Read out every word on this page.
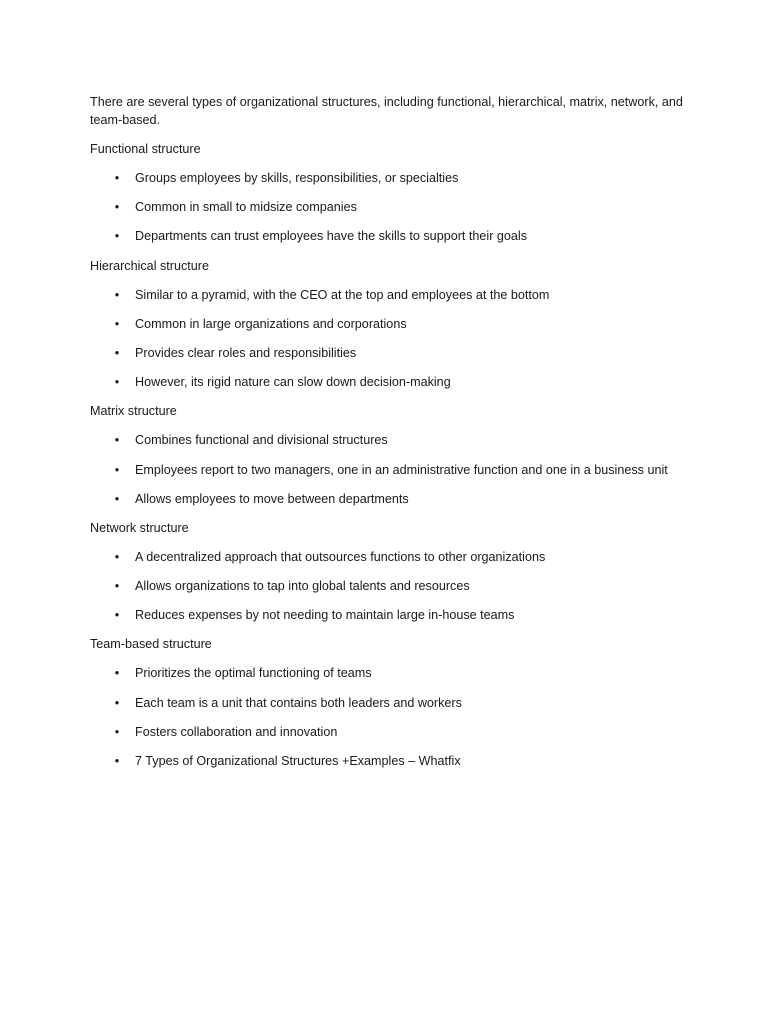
There are several types of organizational structures, including functional, hierarchical, matrix, network, and team-based.

Functional structure
• Groups employees by skills, responsibilities, or specialties
• Common in small to midsize companies
• Departments can trust employees have the skills to support their goals
Hierarchical structure
• Similar to a pyramid, with the CEO at the top and employees at the bottom
• Common in large organizations and corporations
• Provides clear roles and responsibilities
• However, its rigid nature can slow down decision-making
Matrix structure
• Combines functional and divisional structures
• Employees report to two managers, one in an administrative function and one in a business unit
• Allows employees to move between departments
Network structure
• A decentralized approach that outsources functions to other organizations
• Allows organizations to tap into global talents and resources
• Reduces expenses by not needing to maintain large in-house teams
Team-based structure
• Prioritizes the optimal functioning of teams
• Each team is a unit that contains both leaders and workers
• Fosters collaboration and innovation
• 7 Types of Organizational Structures +Examples – Whatfix
